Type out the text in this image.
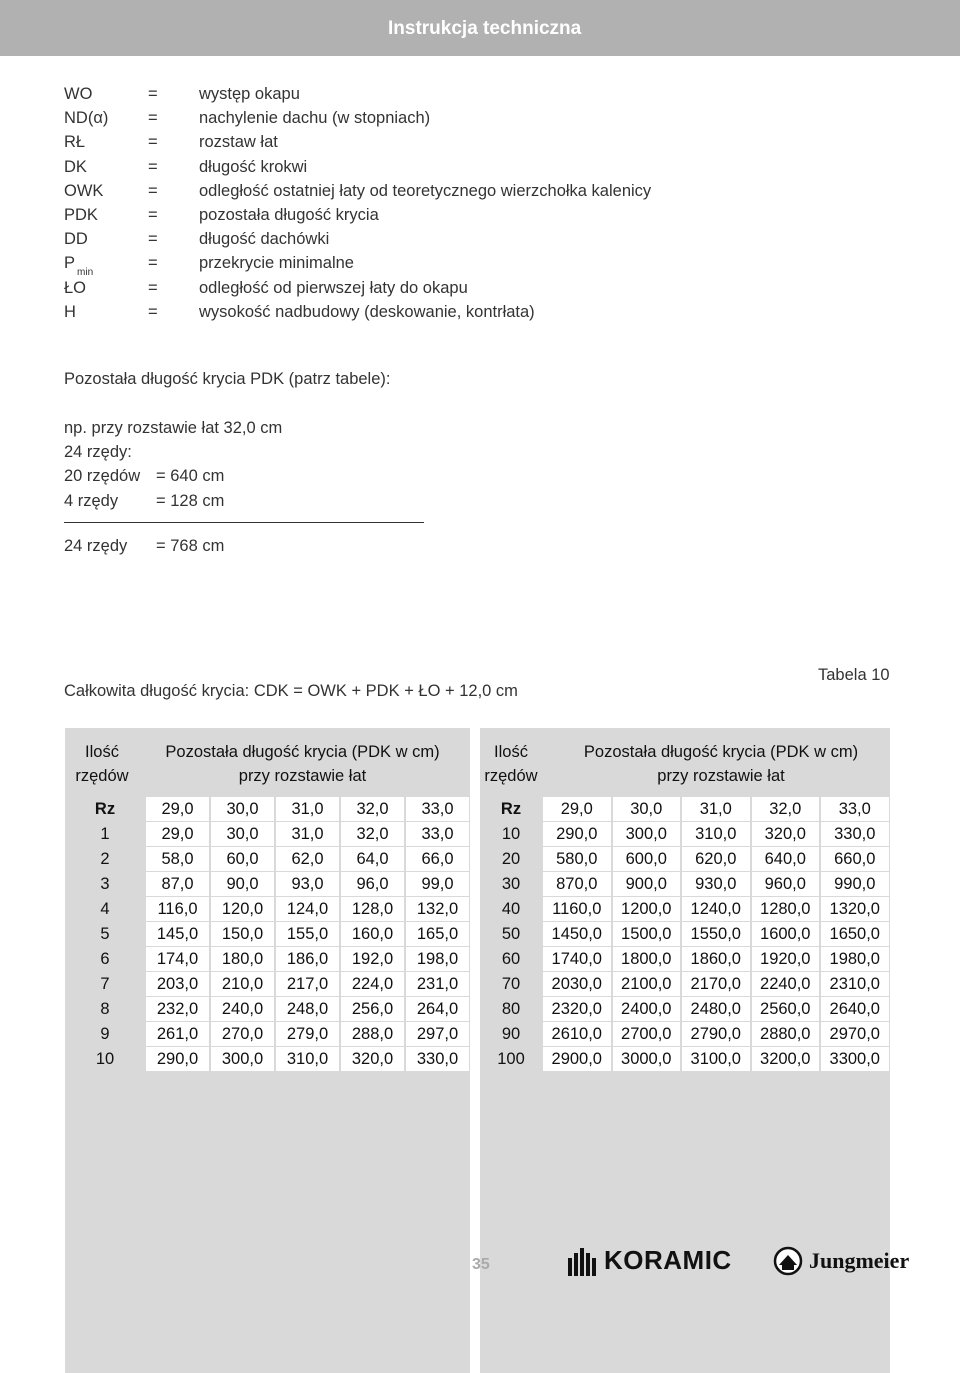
Instrukcja techniczna
WO	=	występ okapu
ND(α) =	nachylenie dachu (w stopniach)
RŁ	=	rozstaw łat
DK	=	długość krokwi
OWK	=	odległość ostatniej łaty od teoretycznego wierzchołka kalenicy
PDK	=	pozostała długość krycia
DD	=	długość dachówki
$P_{min}$
=	przekrycie minimalne
ŁO	=	odległość od pierwszej łaty do okapu
H	=	wysokość nadbudowy (deskowanie, kontrłata)
Pozostała długość krycia PDK (patrz tabele):
np. przy rozstawie łat 32,0 cm
24 rzędy:
20 rzędów = 640 cm
4 rzędy = 128 cm
24 rzędy = 768 cm
Całkowita długość krycia: CDK = OWK + PDK + ŁO + 12,0 cm
Tabela 10
Ilość
rzędów
Pozostała długość krycia (PDK w cm)
przy rozstawie łat
Rz	29,0	30,0	31,0	32,0	33,0
1	29,0	30,0	31,0	32,0	33,0
2	58,0	60,0	62,0	64,0	66,0
3	87,0	90,0	93,0	96,0	99,0
4	116,0	120,0	124,0	128,0	132,0
5	145,0	150,0	155,0	160,0	165,0
6	174,0	180,0	186,0	192,0	198,0
7	203,0	210,0	217,0	224,0	231,0
8	232,0	240,0	248,0	256,0	264,0
9	261,0	270,0	279,0	288,0	297,0
10	290,0	300,0	310,0	320,0	330,0
Ilość
rzędów
Pozostała długość krycia (PDK w cm)
przy rozstawie łat
Rz	29,0	30,0	31,0	32,0	33,0
10	290,0	300,0	310,0	320,0	330,0
20	580,0	600,0	620,0	640,0	660,0
30	870,0	900,0	930,0	960,0	990,0
40	1160,0	1200,0	1240,0	1280,0	1320,0
50	1450,0	1500,0	1550,0	1600,0	1650,0
60	1740,0	1800,0	1860,0	1920,0	1980,0
70	2030,0	2100,0	2170,0	2240,0	2310,0
80	2320,0	2400,0	2480,0	2560,0	2640,0
90	2610,0	2700,0	2790,0	2880,0	2970,0
100	2900,0	3000,0	3100,0	3200,0	3300,0
35	KORAMIC	Jungmeier
